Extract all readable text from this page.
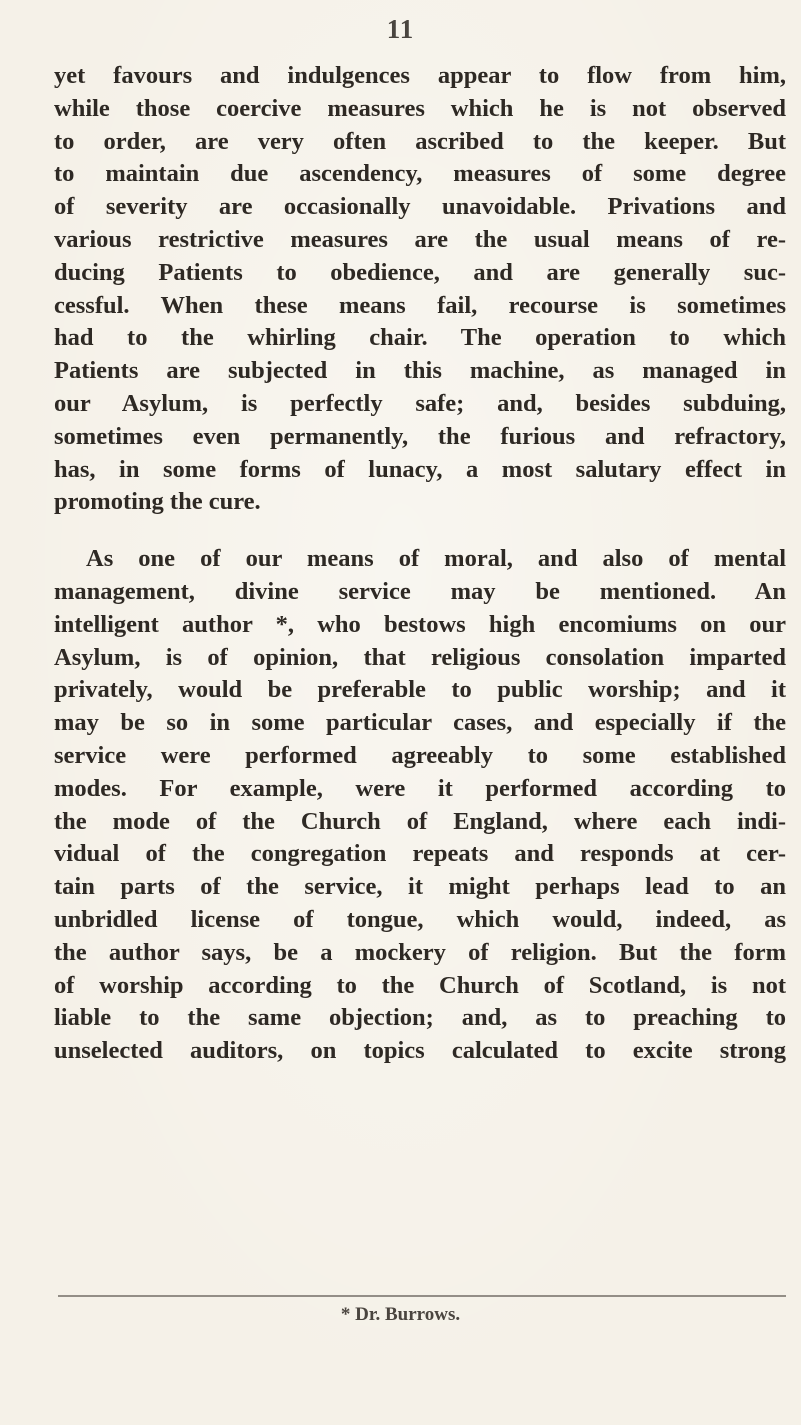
11
yet favours and indulgences appear to flow from him,
while those coercive measures which he is not observed
to order, are very often ascribed to the keeper. But
to maintain due ascendency, measures of some degree
of severity are occasionally unavoidable. Privations and
various restrictive measures are the usual means of re-
ducing Patients to obedience, and are generally suc-
cessful. When these means fail, recourse is sometimes
had to the whirling chair. The operation to which
Patients are subjected in this machine, as managed in
our Asylum, is perfectly safe; and, besides subduing,
sometimes even permanently, the furious and refractory,
has, in some forms of lunacy, a most salutary effect in
promoting the cure.
As one of our means of moral, and also of mental
management, divine service may be mentioned. An
intelligent author *, who bestows high encomiums on our
Asylum, is of opinion, that religious consolation imparted
privately, would be preferable to public worship; and it
may be so in some particular cases, and especially if the
service were performed agreeably to some established
modes. For example, were it performed according to
the mode of the Church of England, where each indi-
vidual of the congregation repeats and responds at cer-
tain parts of the service, it might perhaps lead to an
unbridled license of tongue, which would, indeed, as
the author says, be a mockery of religion. But the form
of worship according to the Church of Scotland, is not
liable to the same objection; and, as to preaching to
unselected auditors, on topics calculated to excite strong
* Dr. Burrows.
